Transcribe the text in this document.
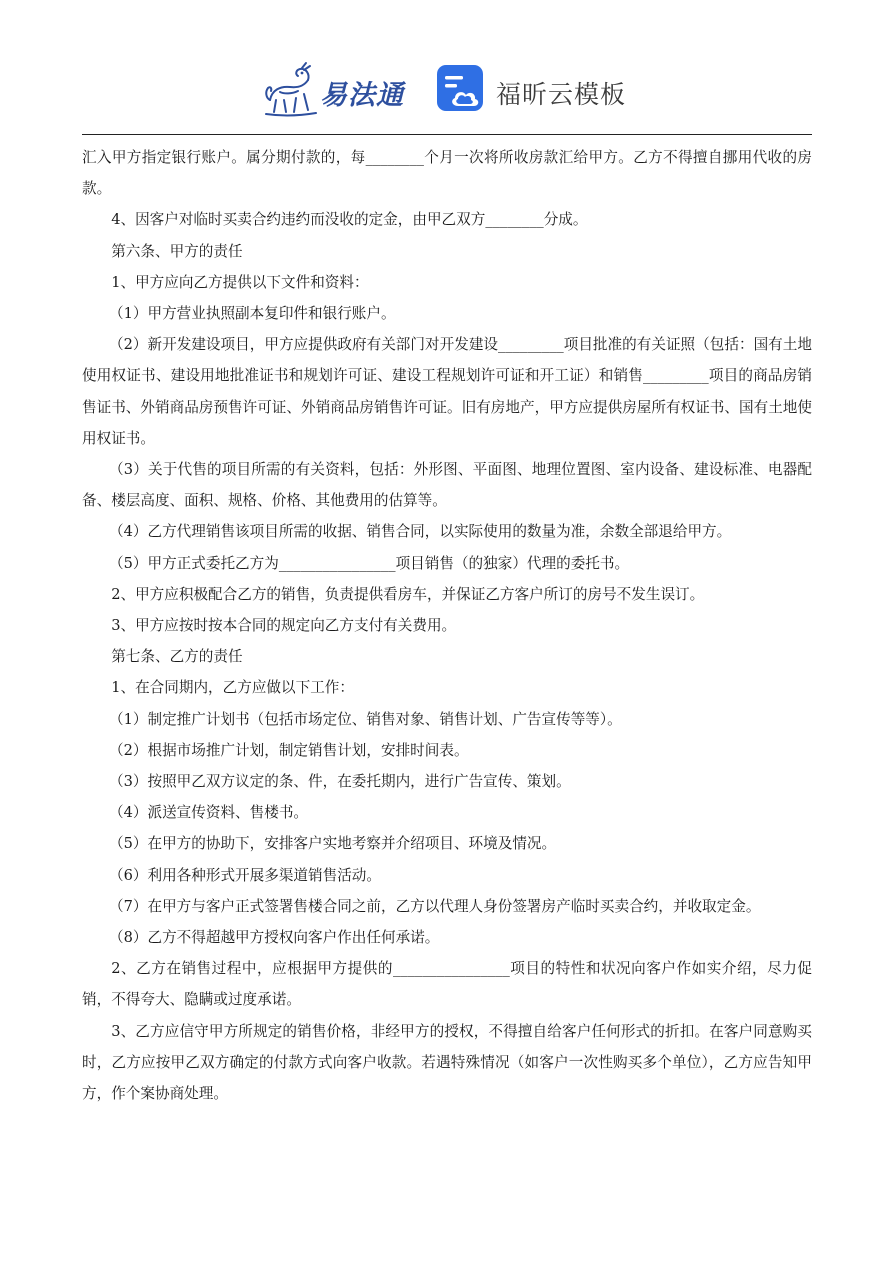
易法通	福昕云模板

汇入甲方指定银行账户。属分期付款的，每________个月一次将所收房款汇给甲方。乙方不得擅自挪用代收的房款。

4、因客户对临时买卖合约违约而没收的定金，由甲乙双方________分成。

第六条、甲方的责任

1、甲方应向乙方提供以下文件和资料：

（1）甲方营业执照副本复印件和银行账户。

（2）新开发建设项目，甲方应提供政府有关部门对开发建设_________项目批准的有关证照（包括：国有土地使用权证书、建设用地批准证书和规划许可证、建设工程规划许可证和开工证）和销售_________项目的商品房销售证书、外销商品房预售许可证、外销商品房销售许可证。旧有房地产，甲方应提供房屋所有权证书、国有土地使用权证书。

（3）关于代售的项目所需的有关资料，包括：外形图、平面图、地理位置图、室内设备、建设标准、电器配备、楼层高度、面积、规格、价格、其他费用的估算等。

（4）乙方代理销售该项目所需的收据、销售合同，以实际使用的数量为准，余数全部退给甲方。

（5）甲方正式委托乙方为________________项目销售（的独家）代理的委托书。

2、甲方应积极配合乙方的销售，负责提供看房车，并保证乙方客户所订的房号不发生误订。

3、甲方应按时按本合同的规定向乙方支付有关费用。

第七条、乙方的责任

1、在合同期内，乙方应做以下工作：

（1）制定推广计划书（包括市场定位、销售对象、销售计划、广告宣传等等）。

（2）根据市场推广计划，制定销售计划，安排时间表。

（3）按照甲乙双方议定的条、件，在委托期内，进行广告宣传、策划。

（4）派送宣传资料、售楼书。

（5）在甲方的协助下，安排客户实地考察并介绍项目、环境及情况。

（6）利用各种形式开展多渠道销售活动。

（7）在甲方与客户正式签署售楼合同之前，乙方以代理人身份签署房产临时买卖合约，并收取定金。

（8）乙方不得超越甲方授权向客户作出任何承诺。

2、乙方在销售过程中，应根据甲方提供的________________项目的特性和状况向客户作如实介绍，尽力促销，不得夸大、隐瞒或过度承诺。

3、乙方应信守甲方所规定的销售价格，非经甲方的授权，不得擅自给客户任何形式的折扣。在客户同意购买时，乙方应按甲乙双方确定的付款方式向客户收款。若遇特殊情况（如客户一次性购买多个单位），乙方应告知甲方，作个案协商处理。
